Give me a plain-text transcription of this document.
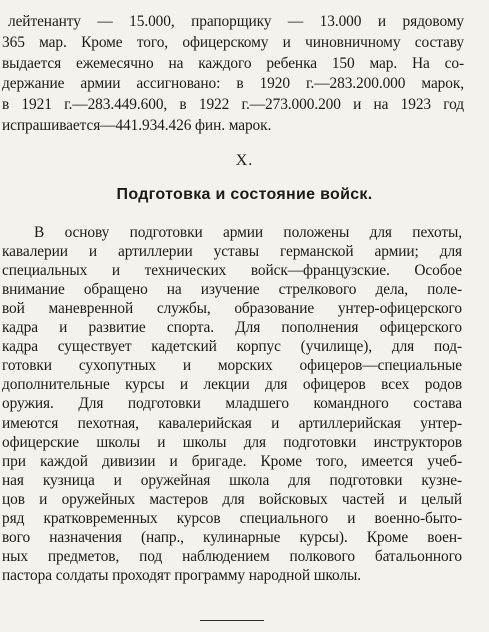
лейтенанту — 15.000, прапорщику — 13.000 и рядовому
365 мар. Кроме того, офицерскому и чиновничному составу
выдается ежемесячно на каждого ребенка 150 мар. На со-
держание армии ассигновано: в 1920 г.—283.200.000 марок,
в 1921 г.—283.449.600, в 1922 г.—273.000.200 и на 1923 год
испрашивается—441.934.426 фин. марок.
X.
Подготовка и состояние войск.
В основу подготовки армии положены для пехоты,
кавалерии и артиллерии уставы германской армии; для
специальных и технических войск—французские. Особое
внимание обращено на изучение стрелкового дела, поле-
вой маневренной службы, образование унтер-офицерского
кадра и развитие спорта. Для пополнения офицерского
кадра существует кадетский корпус (училище), для под-
готовки сухопутных и морских офицеров—специальные
дополнительные курсы и лекции для офицеров всех родов
оружия. Для подготовки младшего командного состава
имеются пехотная, кавалерийская и артиллерийская унтер-
офицерские школы и школы для подготовки инструкторов
при каждой дивизии и бригаде. Кроме того, имеется учеб-
ная кузница и оружейная школа для подготовки кузне-
цов и оружейных мастеров для войсковых частей и целый
ряд кратковременных курсов специального и военно-быто-
вого назначения (напр., кулинарные курсы). Кроме воен-
ных предметов, под наблюдением полкового батальонного
пастора солдаты проходят программу народной школы.
